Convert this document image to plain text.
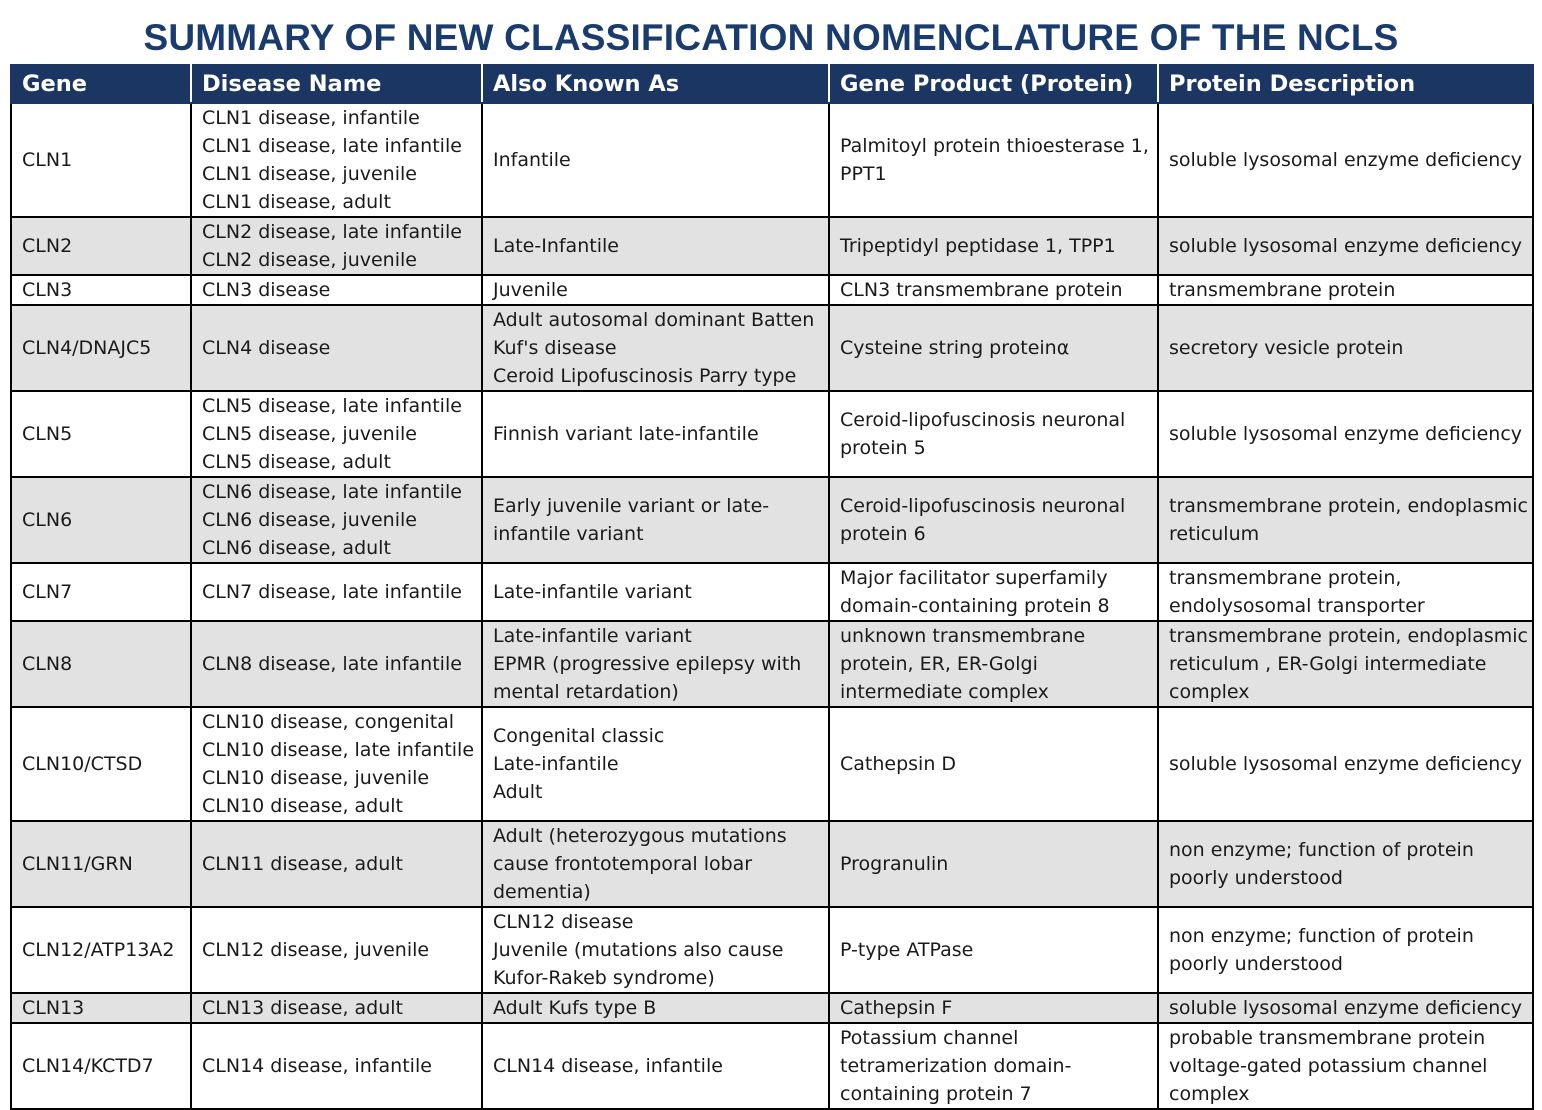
SUMMARY OF NEW CLASSIFICATION NOMENCLATURE OF THE NCLS
Gene	Disease Name	Also Known As	Gene Product (Protein)	Protein Description

CLN1	CLN1 disease, infantile
CLN1 disease, late infantile
CLN1 disease, juvenile
CLN1 disease, adult	Infantile	Palmitoyl protein thioesterase 1,
PPT1	soluble lysosomal enzyme deficiency

CLN2	CLN2 disease, late infantile
CLN2 disease, juvenile	Late-Infantile	Tripeptidyl peptidase 1, TPP1	soluble lysosomal enzyme deficiency

CLN3	CLN3 disease	Juvenile	CLN3 transmembrane protein	transmembrane protein

CLN4/DNAJC5	CLN4 disease	Adult autosomal dominant Batten
Kuf's disease
Ceroid Lipofuscinosis Parry type	Cysteine string proteinα	secretory vesicle protein

CLN5	CLN5 disease, late infantile
CLN5 disease, juvenile
CLN5 disease, adult	Finnish variant late-infantile	Ceroid-lipofuscinosis neuronal
protein 5	soluble lysosomal enzyme deficiency

CLN6	CLN6 disease, late infantile
CLN6 disease, juvenile
CLN6 disease, adult	Early juvenile variant or late-
infantile variant	Ceroid-lipofuscinosis neuronal
protein 6	transmembrane protein, endoplasmic
reticulum

CLN7	CLN7 disease, late infantile	Late-infantile variant	Major facilitator superfamily
domain-containing protein 8	transmembrane protein,
endolysosomal transporter

CLN8	CLN8 disease, late infantile	Late-infantile variant
EPMR (progressive epilepsy with
mental retardation)	unknown transmembrane
protein, ER, ER-Golgi
intermediate complex	transmembrane protein, endoplasmic
reticulum , ER-Golgi intermediate
complex

CLN10/CTSD	CLN10 disease, congenital
CLN10 disease, late infantile
CLN10 disease, juvenile
CLN10 disease, adult	Congenital classic
Late-infantile
Adult	Cathepsin D	soluble lysosomal enzyme deficiency

CLN11/GRN	CLN11 disease, adult	Adult (heterozygous mutations
cause frontotemporal lobar
dementia)	Progranulin	non enzyme; function of protein
poorly understood

CLN12/ATP13A2	CLN12 disease, juvenile	CLN12 disease
Juvenile (mutations also cause
Kufor-Rakeb syndrome)	P-type ATPase	non enzyme; function of protein
poorly understood

CLN13	CLN13 disease, adult	Adult Kufs type B	Cathepsin F	soluble lysosomal enzyme deficiency

CLN14/KCTD7	CLN14 disease, infantile	CLN14 disease, infantile	Potassium channel
tetramerization domain-
containing protein 7	probable transmembrane protein
voltage-gated potassium channel
complex
